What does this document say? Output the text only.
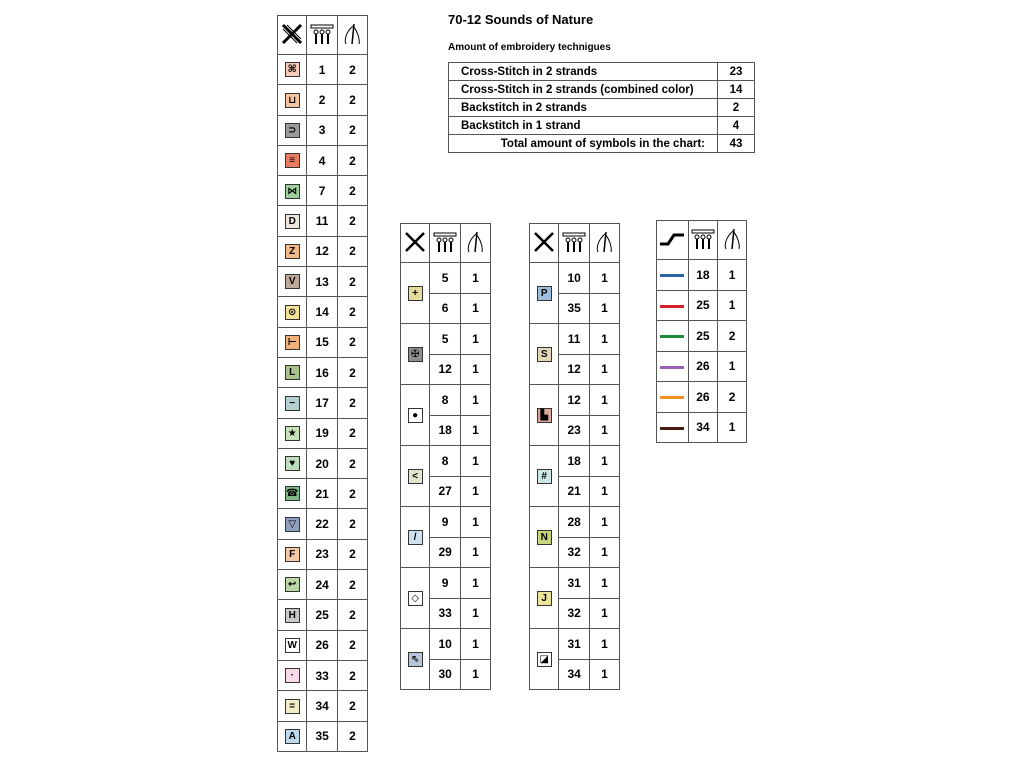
70-12 Sounds of Nature
Amount of embroidery technigues
Cross-Stitch in 2 strands	23
Cross-Stitch in 2 strands (combined color)	14
Backstitch in 2 strands	2
Backstitch in 1 strand	4
Total amount of symbols in the chart:	43

⌘	1	2
⊔	2	2
⊃	3	2
≡	4	2
⋈	7	2
D	11	2
Z	12	2
V	13	2
⊙	14	2
⊢	15	2
L	16	2
−	17	2
★	19	2
♥	20	2
☎	21	2
▽	22	2
F	23	2
↩	24	2
H	25	2
W	26	2
·	33	2
=	34	2
A	35	2

+	5	1
	6	1
✠	5	1
	12	1
●	8	1
	18	1
<	8	1
	27	1
/	9	1
	29	1
◇	9	1
	33	1
⇖	10	1
	30	1

P	10	1
	35	1
S	11	1
	12	1
▙	12	1
	23	1
#	18	1
	21	1
N	28	1
	32	1
J	31	1
	32	1
◪	31	1
	34	1

	18	1
	25	1
	25	2
	26	1
	26	2
	34	1
